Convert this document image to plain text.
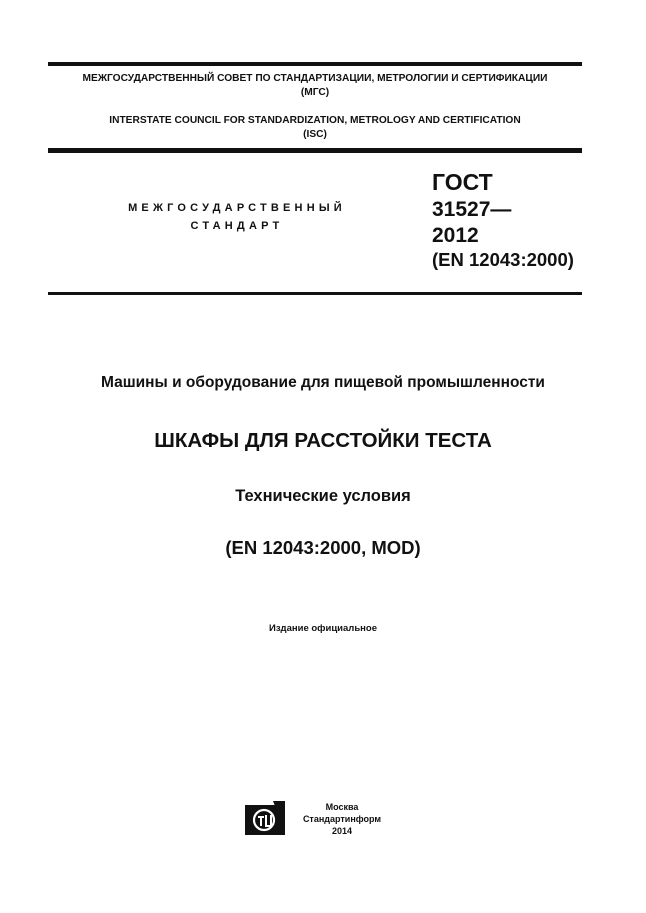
МЕЖГОСУДАРСТВЕННЫЙ СОВЕТ ПО СТАНДАРТИЗАЦИИ, МЕТРОЛОГИИ И СЕРТИФИКАЦИИ
(МГС)
INTERSTATE COUNCIL FOR STANDARDIZATION, METROLOGY AND CERTIFICATION
(ISC)
МЕЖГОСУДАРСТВЕННЫЙ
СТАНДАРТ
ГОСТ
31527—
2012
(EN 12043:2000)
Машины и оборудование для пищевой промышленности
ШКАФЫ ДЛЯ РАССТОЙКИ ТЕСТА
Технические условия
(EN 12043:2000, MOD)
Издание официальное
Москва
Стандартинформ
2014
